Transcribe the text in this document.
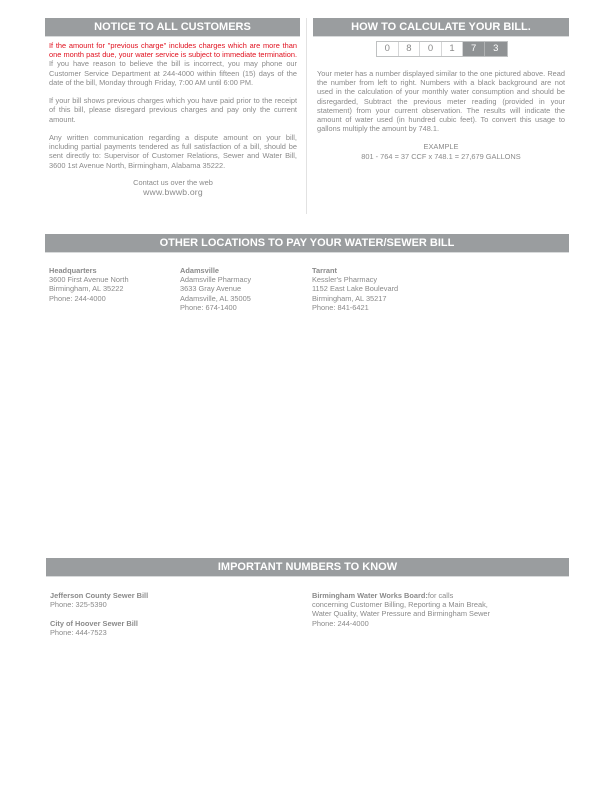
NOTICE TO ALL CUSTOMERS

If the amount for "previous charge" includes charges which are more than one month past due, your water service is subject to immediate termination. If you have reason to believe the bill is incorrect, you may phone our Customer Service Department at 244-4000 within fifteen (15) days of the date of the bill, Monday through Friday, 7:00 AM until 6:00 PM.

If your bill shows previous charges which you have paid prior to the receipt of this bill, please disregard previous charges and pay only the current amount.

Any written communication regarding a dispute amount on your bill, including partial payments tendered as full satisfaction of a bill, should be sent directly to: Supervisor of Customer Relations, Sewer and Water Bill, 3600 1st Avenue North, Birmingham, Alabama 35222.

Contact us over the web
www.bwwb.org
HOW TO CALCULATE YOUR BILL.
0	8	0	1	7	3
Your meter has a number displayed similar to the one pictured above. Read the number from left to right. Numbers with a black background are not used in the calculation of your monthly water consumption and should be disregarded, Subtract the previous meter reading (provided in your statement) from your current observation. The results will indicate the amount of water used (in hundred cubic feet). To convert this usage to gallons multiply the amount by 748.1.
EXAMPLE
801 - 764 = 37 CCF x 748.1 = 27,679 GALLONS
OTHER LOCATIONS TO PAY YOUR WATER/SEWER BILL
Headquarters
3600 First Avenue North
Birmingham, AL 35222
Phone: 244-4000
Adamsville
Adamsville Pharmacy
3633 Gray Avenue
Adamsville, AL 35005
Phone: 674-1400
Tarrant
Kessler's Pharmacy
1152 East Lake Boulevard
Birmingham, AL 35217
Phone: 841-6421
IMPORTANT NUMBERS TO KNOW
Jefferson County Sewer Bill
Phone: 325-5390
City of Hoover Sewer Bill
Phone: 444-7523
Birmingham Water Works Board:for calls
concerning Customer Billing, Reporting a Main Break,
Water Quality, Water Pressure and Birmingham Sewer
Phone: 244-4000
